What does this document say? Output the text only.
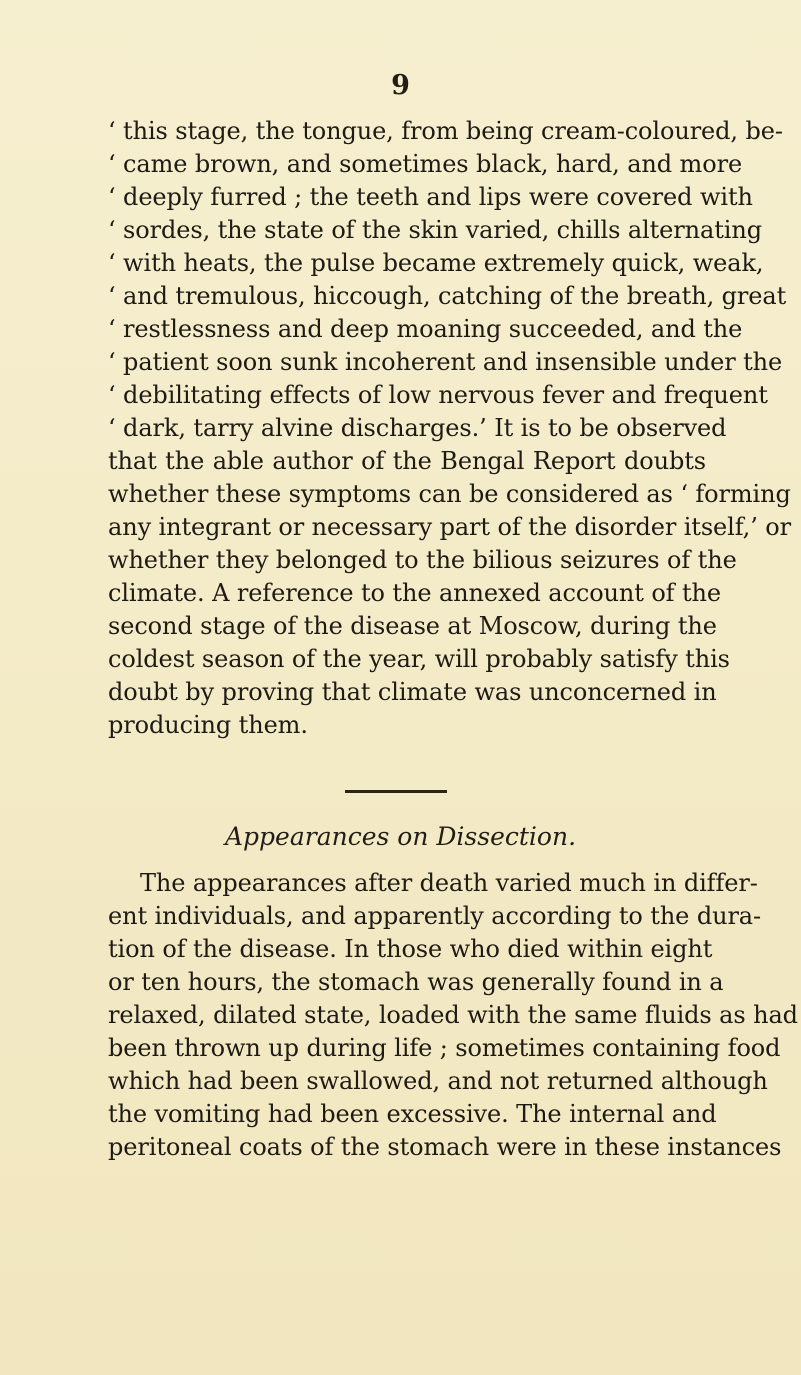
9
‘ this stage, the tongue, from being cream-coloured, be-
‘ came brown, and sometimes black, hard, and more
‘ deeply furred ; the teeth and lips were covered with
‘ sordes, the state of the skin varied, chills alternating
‘ with heats, the pulse became extremely quick, weak,
‘ and tremulous, hiccough, catching of the breath, great
‘ restlessness and deep moaning succeeded, and the
‘ patient soon sunk incoherent and insensible under the
‘ debilitating effects of low nervous fever and frequent
‘ dark, tarry alvine discharges.’ It is to be observed
that the able author of the Bengal Report doubts
whether these symptoms can be considered as ‘ forming
any integrant or necessary part of the disorder itself,’ or
whether they belonged to the bilious seizures of the
climate. A reference to the annexed account of the
second stage of the disease at Moscow, during the
coldest season of the year, will probably satisfy this
doubt by proving that climate was unconcerned in
producing them.
Appearances on Dissection.
The appearances after death varied much in differ-
ent individuals, and apparently according to the dura-
tion of the disease. In those who died within eight
or ten hours, the stomach was generally found in a
relaxed, dilated state, loaded with the same fluids as had
been thrown up during life ; sometimes containing food
which had been swallowed, and not returned although
the vomiting had been excessive. The internal and
peritoneal coats of the stomach were in these instances
